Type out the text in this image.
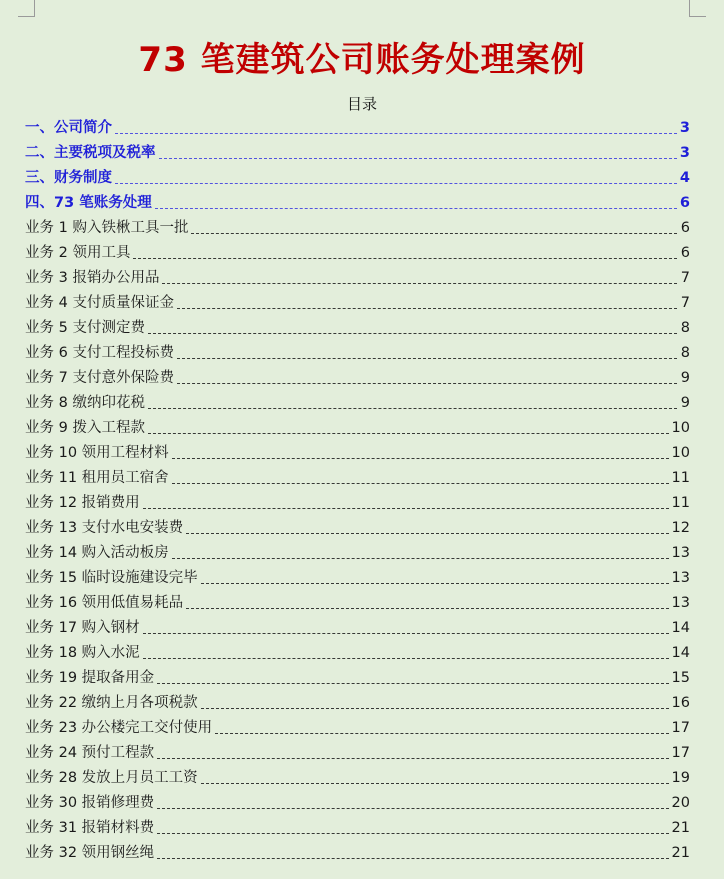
73 笔建筑公司账务处理案例
目录
一、公司简介	3
二、主要税项及税率	3
三、财务制度	4
四、73 笔账务处理	6
业务 1 购入铁楸工具一批	6
业务 2 领用工具	6
业务 3 报销办公用品	7
业务 4 支付质量保证金	7
业务 5 支付测定费	8
业务 6 支付工程投标费	8
业务 7 支付意外保险费	9
业务 8 缴纳印花税	9
业务 9 拨入工程款	10
业务 10 领用工程材料	10
业务 11 租用员工宿舍	11
业务 12 报销费用	11
业务 13 支付水电安装费	12
业务 14 购入活动板房	13
业务 15 临时设施建设完毕	13
业务 16 领用低值易耗品	13
业务 17 购入钢材	14
业务 18 购入水泥	14
业务 19 提取备用金	15
业务 22 缴纳上月各项税款	16
业务 23 办公楼完工交付使用	17
业务 24 预付工程款	17
业务 28 发放上月员工工资	19
业务 30 报销修理费	20
业务 31 报销材料费	21
业务 32 领用钢丝绳	21
